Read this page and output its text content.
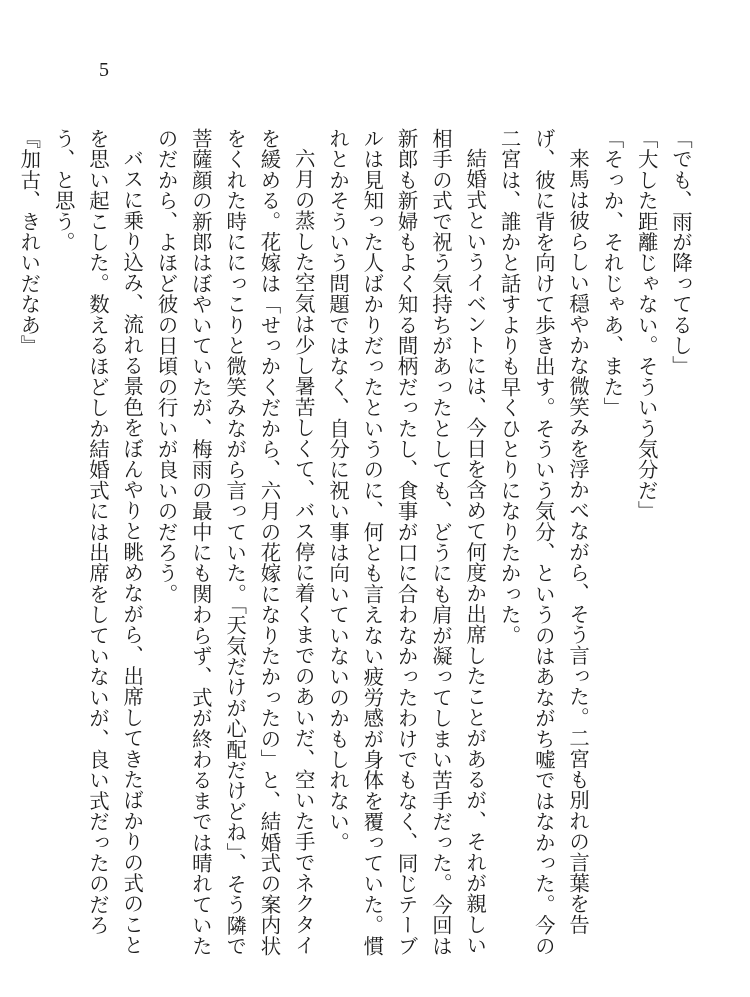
5

「でも、雨が降ってるし」

「大した距離じゃない。そういう気分だ」

「そっか、それじゃあ、また」

来馬は彼らしい穏やかな微笑みを浮かべながら、そう言った。二宮も別れの言葉を告げ、彼に背を向けて歩き出す。そういう気分、というのはあながち嘘ではなかった。今の二宮は、誰かと話すよりも早くひとりになりたかった。

結婚式というイベントには、今日を含めて何度か出席したことがあるが、それが親しい相手の式で祝う気持ちがあったとしても、どうにも肩が凝ってしまい苦手だった。今回は新郎も新婦もよく知る間柄だったし、食事が口に合わなかったわけでもなく、同じテーブルは見知った人ばかりだったというのに、何とも言えない疲労感が身体を覆っていた。慣れとかそういう問題ではなく、自分に祝い事は向いていないのかもしれない。

六月の蒸した空気は少し暑苦しくて、バス停に着くまでのあいだ、空いた手でネクタイを緩める。花嫁は「せっかくだから、六月の花嫁になりたかったの」と、結婚式の案内状をくれた時ににっこりと微笑みながら言っていた。「天気だけが心配だけどね」、そう隣で菩薩顔の新郎はぼやいていたが、梅雨の最中にも関わらず、式が終わるまでは晴れていたのだから、よほど彼の日頃の行いが良いのだろう。

バスに乗り込み、流れる景色をぼんやりと眺めながら、出席してきたばかりの式のことを思い起こした。数えるほどしか結婚式には出席をしていないが、良い式だったのだろう、と思う。

『加古、きれいだなあ』
